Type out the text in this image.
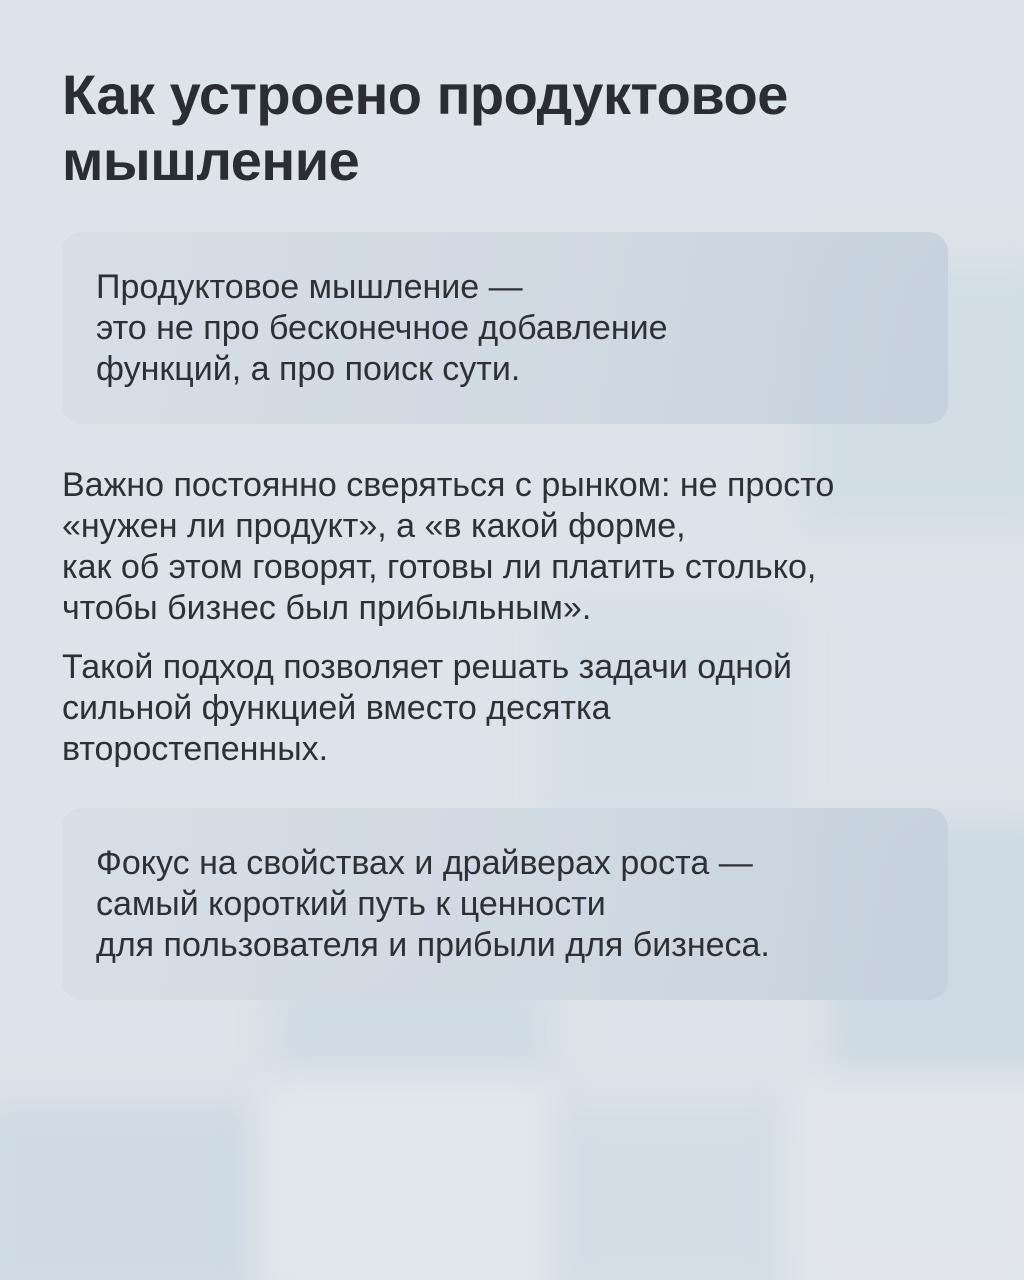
Как устроено продуктовое
мышление

Продуктовое мышление —
это не про бесконечное добавление
функций, а про поиск сути.

Важно постоянно сверяться с рынком: не просто
«нужен ли продукт», а «в какой форме,
как об этом говорят, готовы ли платить столько,
чтобы бизнес был прибыльным».

Такой подход позволяет решать задачи одной
сильной функцией вместо десятка
второстепенных.

Фокус на свойствах и драйверах роста —
самый короткий путь к ценности
для пользователя и прибыли для бизнеса.
